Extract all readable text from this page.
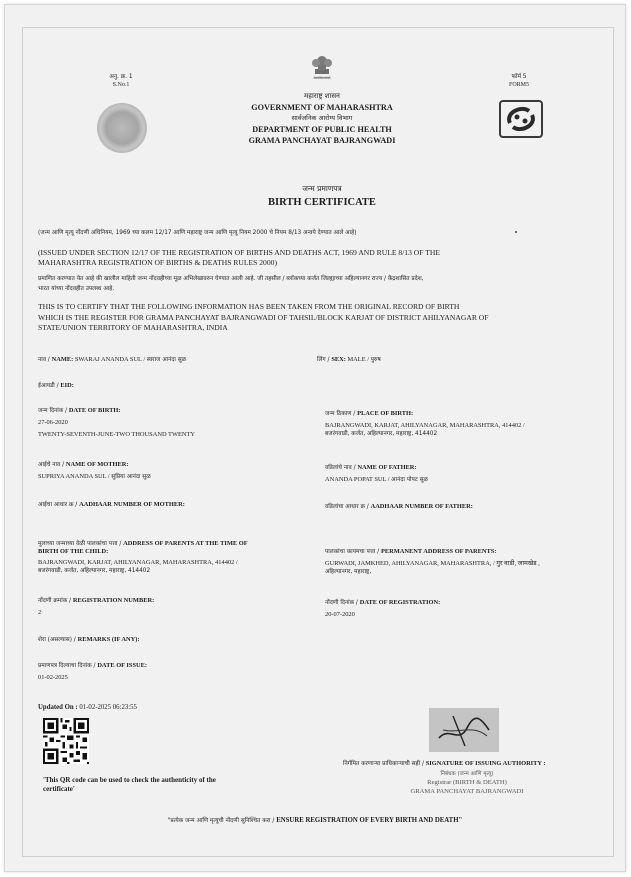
अनु. क्र. 1
S.No.1
सत्यमेव जयते
महाराष्ट्र शासन
GOVERNMENT OF MAHARASHTRA
सार्वजनिक आरोग्य विभाग
DEPARTMENT OF PUBLIC HEALTH
GRAMA PANCHAYAT BAJRANGWADI
फॉर्म 5
FORM5
जन्म प्रमाणपत्र
BIRTH CERTIFICATE
(जन्म आणि मृत्यू नोंदणी अधिनियम, 1969 च्या कलम 12/17 आणि महाराष्ट्र जन्म आणि मृत्यू नियम 2000 चे नियम 8/13 अन्वये देण्यात आले आहे)
(ISSUED UNDER SECTION 12/17 OF THE REGISTRATION OF BIRTHS AND DEATHS ACT, 1969 AND RULE 8/13 OF THE
MAHARASHTRA REGISTRATION OF BIRTHS & DEATHS RULES 2000)
प्रमाणित करण्यात येत आहे की खालील माहिती जन्म नोंदवहीच्या मूळ अभिलेखावरुन घेण्यात आली आहे. जी तहसील / ब्लॉकच्या कर्जत जिल्ह्याच्या अहिल्यानगर राज्य / केंद्रशासित प्रदेश,
भारत यांच्या नोंदवहीत उपलब्ध आहे.
THIS IS TO CERTIFY THAT THE FOLLOWING INFORMATION HAS BEEN TAKEN FROM THE ORIGINAL RECORD OF BIRTH
WHICH IS THE REGISTER FOR GRAMA PANCHAYAT BAJRANGWADI OF TAHSIL/BLOCK KARJAT OF DISTRICT AHILYANAGAR OF
STATE/UNION TERRITORY OF MAHARASHTRA, INDIA
नाव / NAME: SWARAJ ANANDA SUL / स्वराज आनंदा सुळ	लिंग / SEX: MALE / पुरुष
ईआयडी / EID:
जन्म दिनांक / DATE OF BIRTH:
27-06-2020
TWENTY-SEVENTH-JUNE-TWO THOUSAND TWENTY
जन्म ठिकाण / PLACE OF BIRTH:
BAJRANGWADI, KARJAT, AHILYANAGAR, MAHARASHTRA, 414402 /
बजरंगवाडी, कर्जत, अहिल्यानगर, महाराष्ट्र, 414402
आईचे नाव / NAME OF MOTHER:
SUPRIYA ANANDA SUL / सुप्रिया आनंदा सुळ
वडिलांचे नाव / NAME OF FATHER:
ANANDA POPAT SUL / आनंदा पोपट सुळ
आईचा आधार क्र / AADHAAR NUMBER OF MOTHER:	वडिलांचा आधार क्र / AADHAAR NUMBER OF FATHER:
मुलाच्या जन्माच्या वेळी पालकांचा पत्ता / ADDRESS OF PARENTS AT THE TIME OF
BIRTH OF THE CHILD:
BAJRANGWADI, KARJAT, AHILYANAGAR, MAHARASHTRA, 414402 /
बजरंगवाडी, कर्जत, अहिल्यानगर, महाराष्ट्र, 414402
पालकांचा कायमचा पत्ता / PERMANENT ADDRESS OF PARENTS:
GURWADI, JAMKHED, AHILYANAGAR, MAHARASHTRA, / गुर वाडी, जामखेड ,
अहिल्यानगर, महाराष्ट्र,
नोंदणी क्रमांक / REGISTRATION NUMBER:
2
नोंदणी दिनांक / DATE OF REGISTRATION:
20-07-2020
शेरा (असल्यास) / REMARKS (IF ANY):
प्रमाणपत्र दिल्याचा दिनांक / DATE OF ISSUE:
01-02-2025
Updated On : 01-02-2025 06:23:55
'This QR code can be used to check the authenticity of the
certificate'
निर्गमित करणाऱ्या प्राधिकाऱ्याची सही / SIGNATURE OF ISSUING AUTHORITY :
निबंधक (जन्म आणि मृत्यू)
Registrar (BIRTH & DEATH)
GRAMA PANCHAYAT BAJRANGWADI
"प्रत्येक जन्म आणि मृत्यूची नोंदणी सुनिश्चित करा / ENSURE REGISTRATION OF EVERY BIRTH AND DEATH"
